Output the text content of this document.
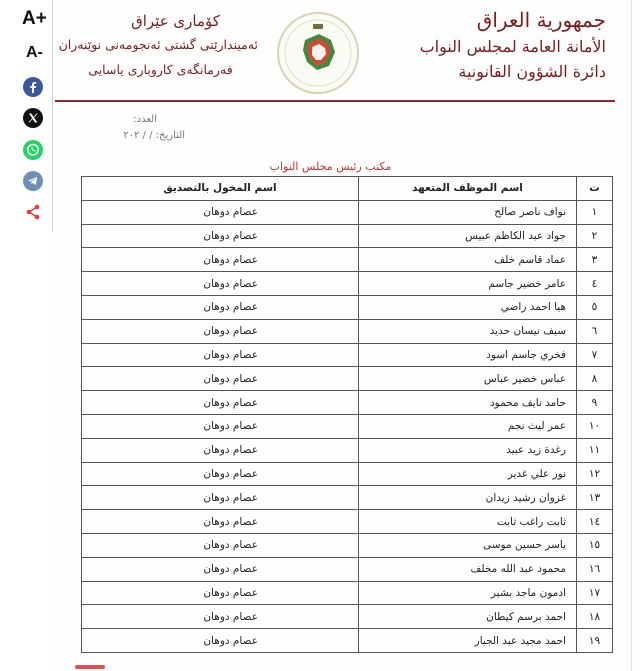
A+
A-
جمهورية العراق
الأمانة العامة لمجلس النواب
دائرة الشؤون القانونية
كۆماری عێراق
ئەمیندارێتی گشتی ئەنجومەنی نوێنەران
فەرمانگەی کاروباری یاسایی
العدد:
التاريخ: / / ٢٠٢
مكتب رئيس مجلس النواب
ت	اسم الموظف المتعهد	اسم المخول بالتصديق
١	نواف ناصر صالح	عصام دوهان
٢	جواد عبد الكاظم عبيس	عصام دوهان
٣	عماد قاسم خلف	عصام دوهان
٤	عامر خضير جاسم	عصام دوهان
٥	هيا احمد راضي	عصام دوهان
٦	سيف نيسان حديد	عصام دوهان
٧	فخري جاسم اسود	عصام دوهان
٨	عباس خضير عباس	عصام دوهان
٩	حامد نايف محمود	عصام دوهان
١٠	عمر ليث نجم	عصام دوهان
١١	رغدة زيد عبيد	عصام دوهان
١٢	نور علي غدير	عصام دوهان
١٣	غزوان رشيد زيدان	عصام دوهان
١٤	ثابت راغب ثابت	عصام دوهان
١٥	ياسر حسين موسى	عصام دوهان
١٦	محمود عبد الله مخلف	عصام دوهان
١٧	ادمون ماجد بشير	عصام دوهان
١٨	احمد برسم كيطان	عصام دوهان
١٩	احمد مجيد عبد الجبار	عصام دوهان
